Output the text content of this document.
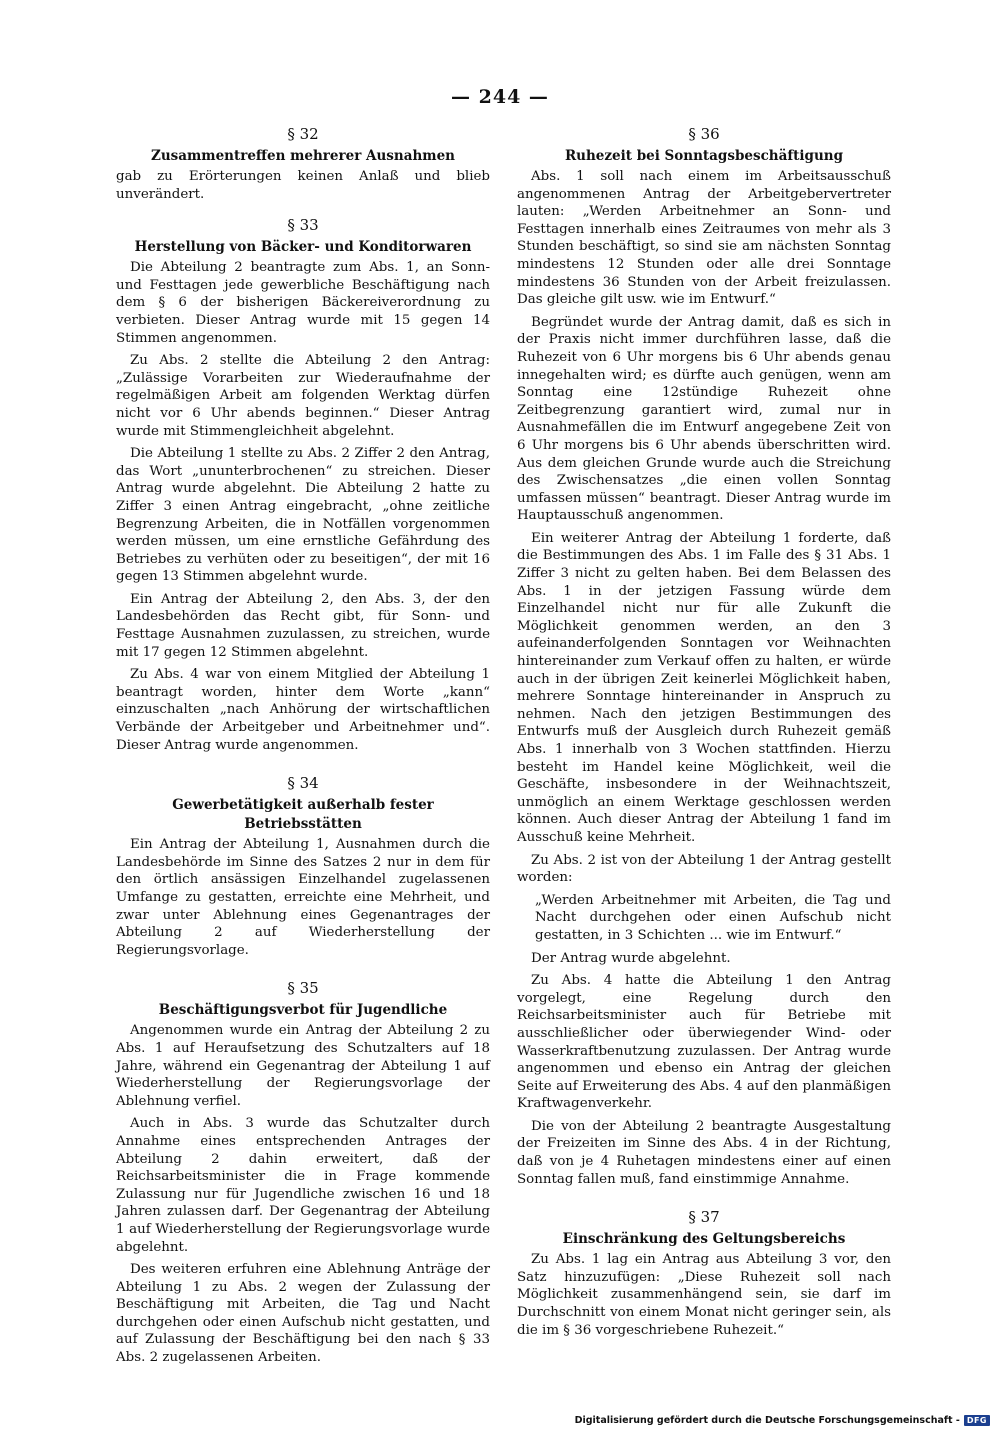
— 244 —
§ 32
Zusammentreffen mehrerer Ausnahmen

gab zu Erörterungen keinen Anlaß und blieb unverändert.

§ 33
Herstellung von Bäcker- und Konditorwaren

Die Abteilung 2 beantragte zum Abs. 1, an Sonn- und Festtagen jede gewerbliche Beschäftigung nach dem § 6 der bisherigen Bäckereiverordnung zu verbieten. Dieser Antrag wurde mit 15 gegen 14 Stimmen angenommen.

Zu Abs. 2 stellte die Abteilung 2 den Antrag: „Zulässige Vorarbeiten zur Wiederaufnahme der regelmäßigen Arbeit am folgenden Werktag dürfen nicht vor 6 Uhr abends beginnen.“ Dieser Antrag wurde mit Stimmengleichheit abgelehnt.

Die Abteilung 1 stellte zu Abs. 2 Ziffer 2 den Antrag, das Wort „ununterbrochenen“ zu streichen. Dieser Antrag wurde abgelehnt. Die Abteilung 2 hatte zu Ziffer 3 einen Antrag eingebracht, „ohne zeitliche Begrenzung Arbeiten, die in Notfällen vorgenommen werden müssen, um eine ernstliche Gefährdung des Betriebes zu verhüten oder zu beseitigen“, der mit 16 gegen 13 Stimmen abgelehnt wurde.

Ein Antrag der Abteilung 2, den Abs. 3, der den Landesbehörden das Recht gibt, für Sonn- und Festtage Ausnahmen zuzulassen, zu streichen, wurde mit 17 gegen 12 Stimmen abgelehnt.

Zu Abs. 4 war von einem Mitglied der Abteilung 1 beantragt worden, hinter dem Worte „kann“ einzuschalten „nach Anhörung der wirtschaftlichen Verbände der Arbeitgeber und Arbeitnehmer und“. Dieser Antrag wurde angenommen.

§ 34
Gewerbetätigkeit außerhalb fester Betriebsstätten

Ein Antrag der Abteilung 1, Ausnahmen durch die Landesbehörde im Sinne des Satzes 2 nur in dem für den örtlich ansässigen Einzelhandel zugelassenen Umfange zu gestatten, erreichte eine Mehrheit, und zwar unter Ablehnung eines Gegenantrages der Abteilung 2 auf Wiederherstellung der Regierungsvorlage.

§ 35
Beschäftigungsverbot für Jugendliche

Angenommen wurde ein Antrag der Abteilung 2 zu Abs. 1 auf Heraufsetzung des Schutzalters auf 18 Jahre, während ein Gegenantrag der Abteilung 1 auf Wiederherstellung der Regierungsvorlage der Ablehnung verfiel.

Auch in Abs. 3 wurde das Schutzalter durch Annahme eines entsprechenden Antrages der Abteilung 2 dahin erweitert, daß der Reichsarbeitsminister die in Frage kommende Zulassung nur für Jugendliche zwischen 16 und 18 Jahren zulassen darf. Der Gegenantrag der Abteilung 1 auf Wiederherstellung der Regierungsvorlage wurde abgelehnt.

Des weiteren erfuhren eine Ablehnung Anträge der Abteilung 1 zu Abs. 2 wegen der Zulassung der Beschäftigung mit Arbeiten, die Tag und Nacht durchgehen oder einen Aufschub nicht gestatten, und auf Zulassung der Beschäftigung bei den nach § 33 Abs. 2 zugelassenen Arbeiten.

§ 36
Ruhezeit bei Sonntagsbeschäftigung

Abs. 1 soll nach einem im Arbeitsausschuß angenommenen Antrag der Arbeitgebervertreter lauten: „Werden Arbeitnehmer an Sonn- und Festtagen innerhalb eines Zeitraumes von mehr als 3 Stunden beschäftigt, so sind sie am nächsten Sonntag mindestens 12 Stunden oder alle drei Sonntage mindestens 36 Stunden von der Arbeit freizulassen. Das gleiche gilt usw. wie im Entwurf.“

Begründet wurde der Antrag damit, daß es sich in der Praxis nicht immer durchführen lasse, daß die Ruhezeit von 6 Uhr morgens bis 6 Uhr abends genau innegehalten wird; es dürfte auch genügen, wenn am Sonntag eine 12stündige Ruhezeit ohne Zeitbegrenzung garantiert wird, zumal nur in Ausnahmefällen die im Entwurf angegebene Zeit von 6 Uhr morgens bis 6 Uhr abends überschritten wird. Aus dem gleichen Grunde wurde auch die Streichung des Zwischensatzes „die einen vollen Sonntag umfassen müssen“ beantragt. Dieser Antrag wurde im Hauptausschuß angenommen.

Ein weiterer Antrag der Abteilung 1 forderte, daß die Bestimmungen des Abs. 1 im Falle des § 31 Abs. 1 Ziffer 3 nicht zu gelten haben. Bei dem Belassen des Abs. 1 in der jetzigen Fassung würde dem Einzelhandel nicht nur für alle Zukunft die Möglichkeit genommen werden, an den 3 aufeinanderfolgenden Sonntagen vor Weihnachten hintereinander zum Verkauf offen zu halten, er würde auch in der übrigen Zeit keinerlei Möglichkeit haben, mehrere Sonntage hintereinander in Anspruch zu nehmen. Nach den jetzigen Bestimmungen des Entwurfs muß der Ausgleich durch Ruhezeit gemäß Abs. 1 innerhalb von 3 Wochen stattfinden. Hierzu besteht im Handel keine Möglichkeit, weil die Geschäfte, insbesondere in der Weihnachtszeit, unmöglich an einem Werktage geschlossen werden können. Auch dieser Antrag der Abteilung 1 fand im Ausschuß keine Mehrheit.

Zu Abs. 2 ist von der Abteilung 1 der Antrag gestellt worden:

„Werden Arbeitnehmer mit Arbeiten, die Tag und Nacht durchgehen oder einen Aufschub nicht gestatten, in 3 Schichten ... wie im Entwurf.“

Der Antrag wurde abgelehnt.

Zu Abs. 4 hatte die Abteilung 1 den Antrag vorgelegt, eine Regelung durch den Reichsarbeitsminister auch für Betriebe mit ausschließlicher oder überwiegender Wind- oder Wasserkraftbenutzung zuzulassen. Der Antrag wurde angenommen und ebenso ein Antrag der gleichen Seite auf Erweiterung des Abs. 4 auf den planmäßigen Kraftwagenverkehr.

Die von der Abteilung 2 beantragte Ausgestaltung der Freizeiten im Sinne des Abs. 4 in der Richtung, daß von je 4 Ruhetagen mindestens einer auf einen Sonntag fallen muß, fand einstimmige Annahme.

§ 37
Einschränkung des Geltungsbereichs

Zu Abs. 1 lag ein Antrag aus Abteilung 3 vor, den Satz hinzuzufügen: „Diese Ruhezeit soll nach Möglichkeit zusammenhängend sein, sie darf im Durchschnitt von einem Monat nicht geringer sein, als die im § 36 vorgeschriebene Ruhezeit.“

Digitalisierung gefördert durch die Deutsche Forschungsgemeinschaft - DFG
